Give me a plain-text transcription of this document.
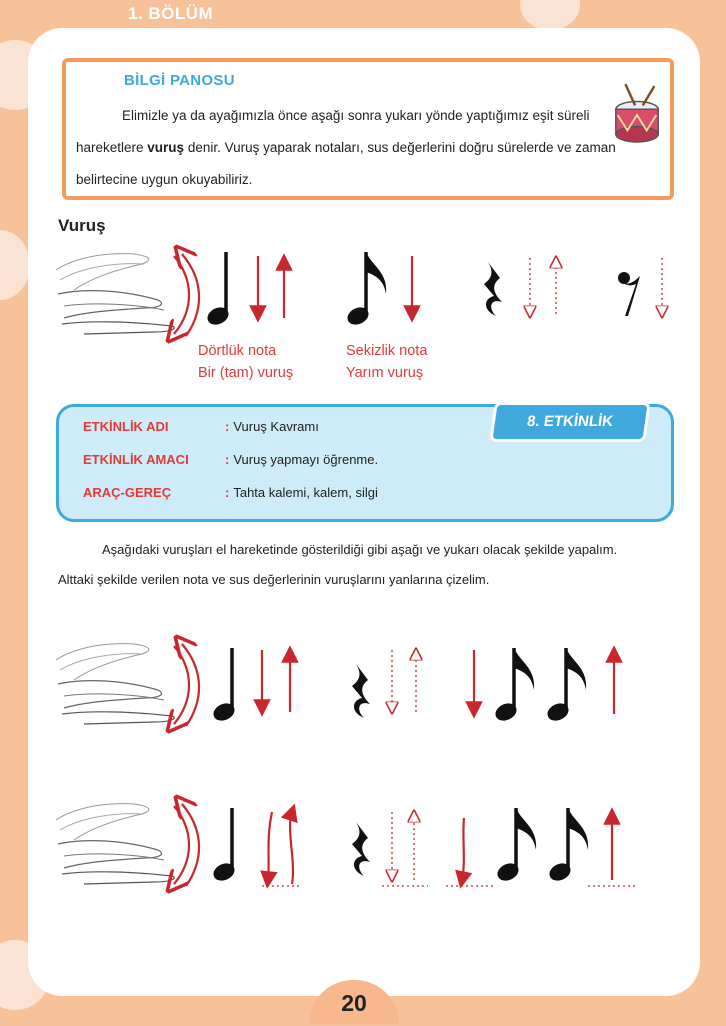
1. BÖLÜM
BİLGİ PANOSU
Elimizle ya da ayağımızla önce aşağı sonra yukarı yönde yaptığımız eşit süreli hareketlere vuruş denir. Vuruş yaparak notaları, sus değerlerini doğru sürelerde ve zaman belirtecine uygun okuyabiliriz.
Vuruş
Dörtlük nota
Bir (tam) vuruş
Sekizlik nota
Yarım vuruş
8. ETKİNLİK
ETKİNLİK ADI	: Vuruş Kavramı
ETKİNLİK AMACI	: Vuruş yapmayı öğrenme.
ARAÇ-GEREÇ	: Tahta kalemi, kalem, silgi
Aşağıdaki vuruşları el hareketinde gösterildiği gibi aşağı ve yukarı olacak şekilde yapalım.
Alttaki şekilde verilen nota ve sus değerlerinin vuruşlarını yanlarına çizelim.
20
